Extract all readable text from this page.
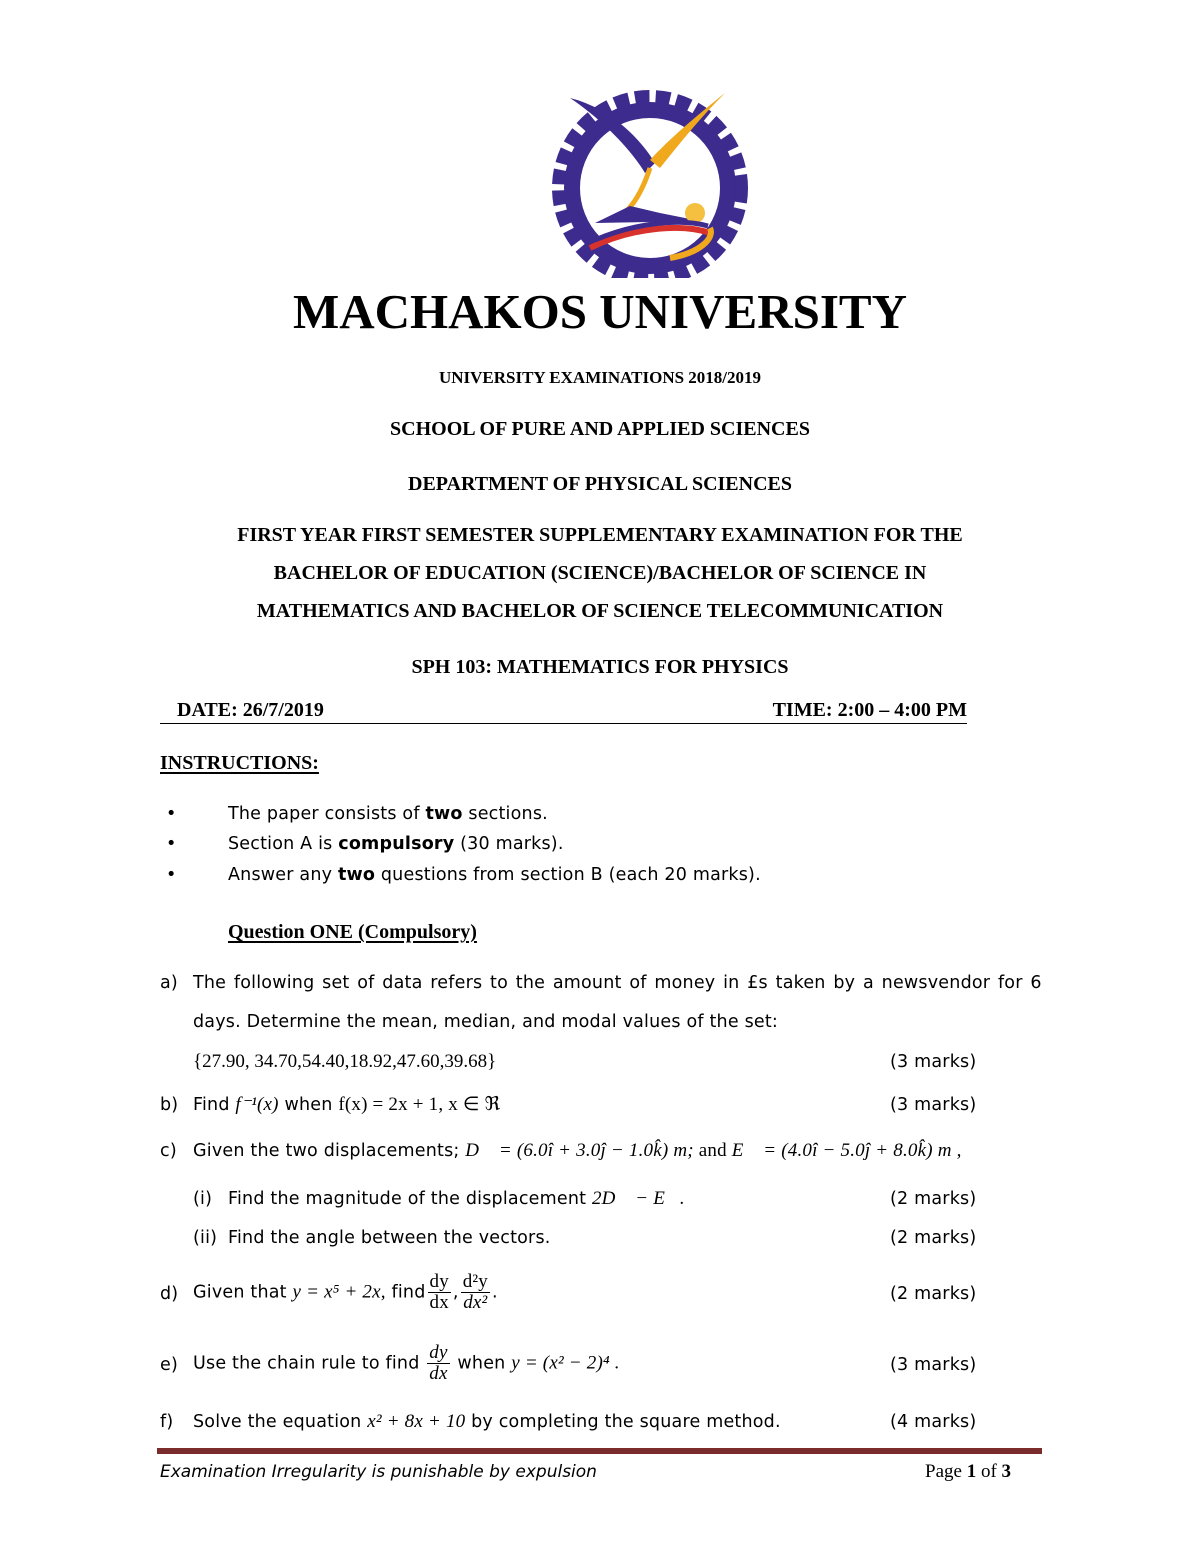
MACHAKOS UNIVERSITY
UNIVERSITY EXAMINATIONS 2018/2019
SCHOOL OF PURE AND APPLIED SCIENCES
DEPARTMENT OF PHYSICAL SCIENCES
FIRST YEAR FIRST SEMESTER SUPPLEMENTARY EXAMINATION FOR THE
BACHELOR OF EDUCATION (SCIENCE)/BACHELOR OF SCIENCE IN
MATHEMATICS AND BACHELOR OF SCIENCE TELECOMMUNICATION
SPH 103: MATHEMATICS FOR PHYSICS
DATE: 26/7/2019	TIME: 2:00 – 4:00 PM
INSTRUCTIONS:
•	The paper consists of two sections.
•	Section A is compulsory (30 marks).
•	Answer any two questions from section B (each 20 marks).
Question ONE (Compulsory)
a) The following set of data refers to the amount of money in £s taken by a newsvendor for 6
days. Determine the mean, median, and modal values of the set:
{27.90, 34.70,54.40,18.92,47.60,39.68}	(3 marks)
b) Find f⁻¹(x) when f(x) = 2x + 1, x ∈ ℜ	(3 marks)
c) Given the two displacements; D⃗ = (6.0î + 3.0ĵ − 1.0k̂) m; and E⃗ = (4.0î − 5.0ĵ + 8.0k̂) m ,
(i) Find the magnitude of the displacement 2D⃗ − E⃗.	(2 marks)
(ii) Find the angle between the vectors.	(2 marks)
d) Given that y = x⁵ + 2x, find $\frac{dy}{dx}$ , $\frac{\text{d²y}}{\text{dx²}}$ .	(2 marks)
e) Use the chain rule to find $\frac{dy}{dx}$ when y = (x² − 2)⁴ .	(3 marks)
f) Solve the equation x² + 8x + 10 by completing the square method.	(4 marks)
Examination Irregularity is punishable by expulsion	Page 1 of 3
